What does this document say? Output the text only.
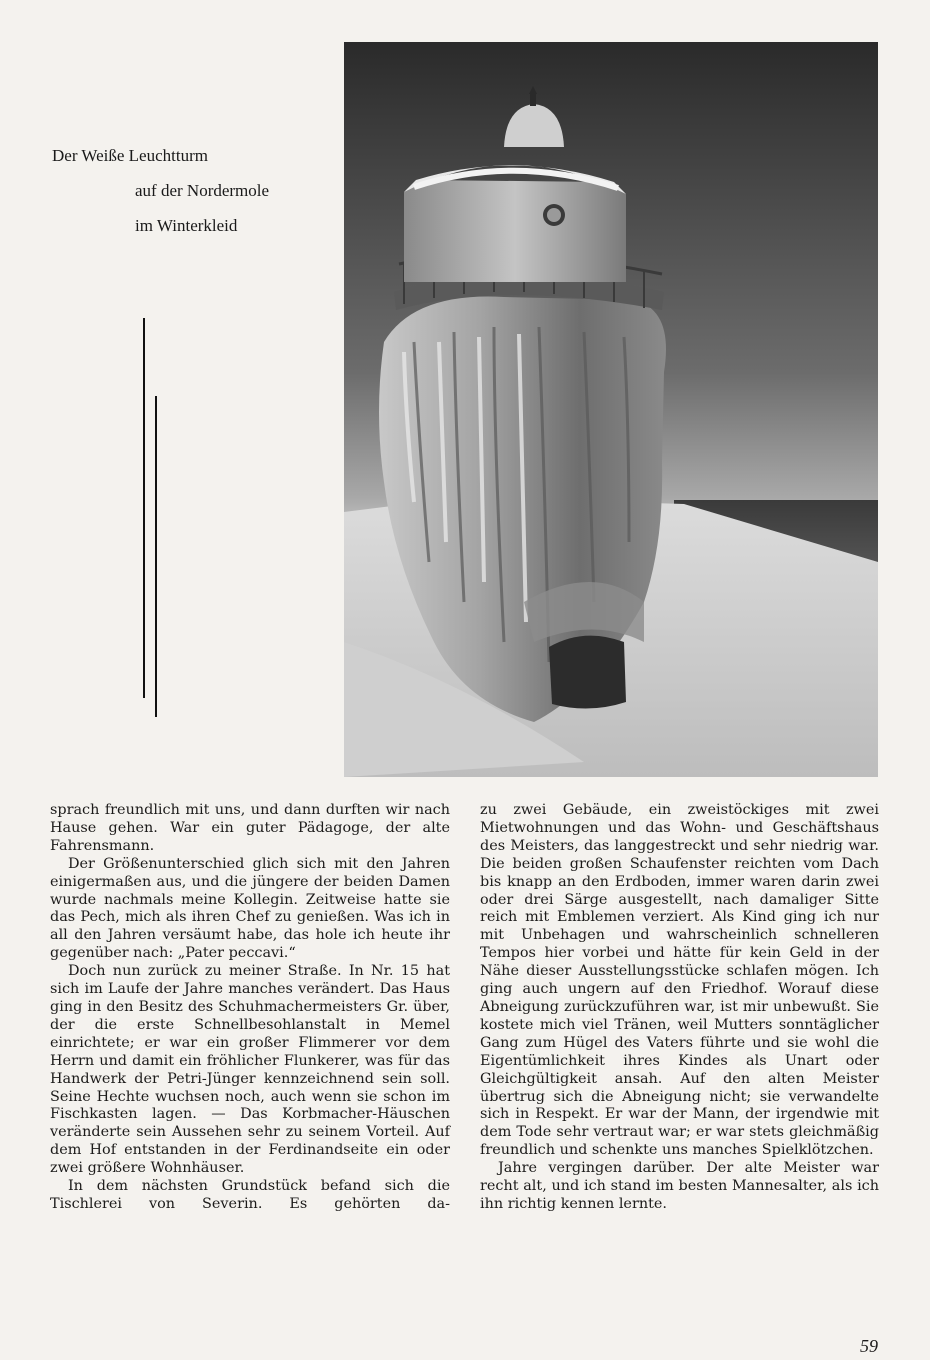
Der Weiße Leuchtturm
auf der Nordermole
im Winterkleid

sprach freundlich mit uns, und dann durften wir nach Hause gehen. War ein guter Pädagoge, der alte Fahrensmann.

Der Größenunterschied glich sich mit den Jahren einigermaßen aus, und die jüngere der beiden Damen wurde nachmals meine Kollegin. Zeitweise hatte sie das Pech, mich als ihren Chef zu genießen. Was ich in all den Jahren versäumt habe, das hole ich heute ihr gegenüber nach: „Pater peccavi.“

Doch nun zurück zu meiner Straße. In Nr. 15 hat sich im Laufe der Jahre manches verändert. Das Haus ging in den Besitz des Schuhmachermeisters Gr. über, der die erste Schnellbesohlanstalt in Memel einrichtete; er war ein großer Flimmerer vor dem Herrn und damit ein fröhlicher Flunkerer, was für das Handwerk der Petri-Jünger kennzeichnend sein soll. Seine Hechte wuchsen noch, auch wenn sie schon im Fischkasten lagen. — Das Korbmacher-Häuschen veränderte sein Aussehen sehr zu seinem Vorteil. Auf dem Hof entstanden in der Ferdinandseite ein oder zwei größere Wohnhäuser.

In dem nächsten Grundstück befand sich die Tischlerei von Severin. Es gehörten da-

zu zwei Gebäude, ein zweistöckiges mit zwei Mietwohnungen und das Wohn- und Geschäftshaus des Meisters, das langgestreckt und sehr niedrig war. Die beiden großen Schaufenster reichten vom Dach bis knapp an den Erdboden, immer waren darin zwei oder drei Särge ausgestellt, nach damaliger Sitte reich mit Emblemen verziert. Als Kind ging ich nur mit Unbehagen und wahrscheinlich schnelleren Tempos hier vorbei und hätte für kein Geld in der Nähe dieser Ausstellungsstücke schlafen mögen. Ich ging auch ungern auf den Friedhof. Worauf diese Abneigung zurückzuführen war, ist mir unbewußt. Sie kostete mich viel Tränen, weil Mutters sonntäglicher Gang zum Hügel des Vaters führte und sie wohl die Eigentümlichkeit ihres Kindes als Unart oder Gleichgültigkeit ansah. Auf den alten Meister übertrug sich die Abneigung nicht; sie verwandelte sich in Respekt. Er war der Mann, der irgendwie mit dem Tode sehr vertraut war; er war stets gleichmäßig freundlich und schenkte uns manches Spielklötzchen.

Jahre vergingen darüber. Der alte Meister war recht alt, und ich stand im besten Mannesalter, als ich ihn richtig kennen lernte.

59
